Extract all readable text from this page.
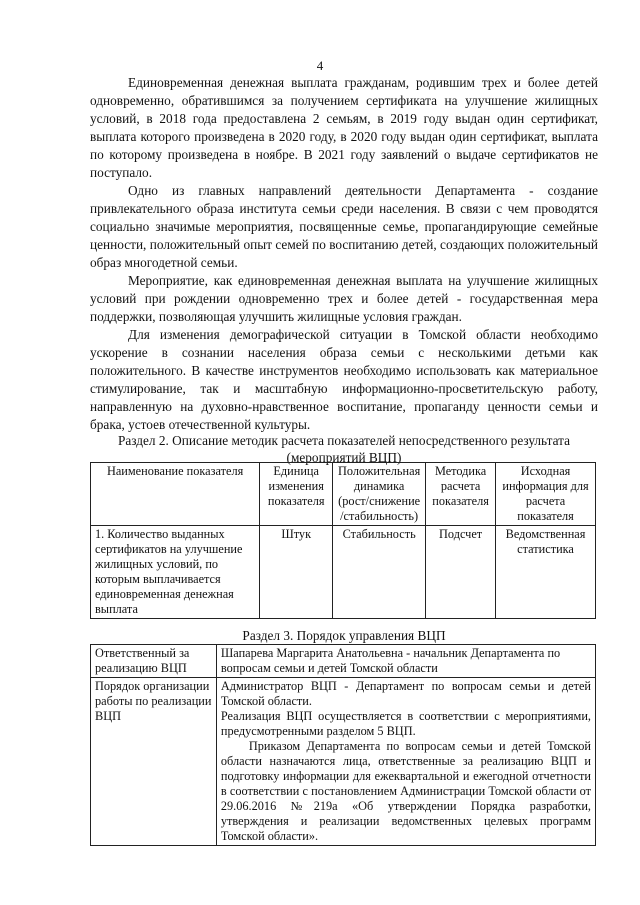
4

Единовременная денежная выплата гражданам, родившим трех и более детей одновременно, обратившимся за получением сертификата на улучшение жилищных условий, в 2018 года предоставлена 2 семьям, в 2019 году выдан один сертификат, выплата которого произведена в 2020 году, в 2020 году выдан один сертификат, выплата по которому произведена в ноябре. В 2021 году заявлений о выдаче сертификатов не поступало.

Одно из главных направлений деятельности Департамента - создание привлекательного образа института семьи среди населения. В связи с чем проводятся социально значимые мероприятия, посвященные семье, пропагандирующие семейные ценности, положительный опыт семей по воспитанию детей, создающих положительный образ многодетной семьи.

Мероприятие, как единовременная денежная выплата на улучшение жилищных условий при рождении одновременно трех и более детей - государственная мера поддержки, позволяющая улучшить жилищные условия граждан.

Для изменения демографической ситуации в Томской области необходимо ускорение в сознании населения образа семьи с несколькими детьми как положительного. В качестве инструментов необходимо использовать как материальное стимулирование, так и масштабную информационно-просветительскую работу, направленную на духовно-нравственное воспитание, пропаганду ценности семьи и брака, устоев отечественной культуры.

Раздел 2. Описание методик расчета показателей непосредственного результата (мероприятий ВЦП)
Наименование показателя	Единица изменения показателя	Положительная динамика (рост/снижение /стабильность)	Методика расчета показателя	Исходная информация для расчета показателя
1. Количество выданных сертификатов на улучшение жилищных условий, по которым выплачивается единовременная денежная выплата	Штук	Стабильность	Подсчет	Ведомственная статистика
Раздел 3. Порядок управления ВЦП
Ответственный за реализацию ВЦП	Шапарева Маргарита Анатольевна - начальник Департамента по вопросам семьи и детей Томской области
Порядок организации работы по реализации ВЦП	Администратор ВЦП - Департамент по вопросам семьи и детей Томской области.
Реализация ВЦП осуществляется в соответствии с мероприятиями, предусмотренными разделом 5 ВЦП.
Приказом Департамента по вопросам семьи и детей Томской области назначаются лица, ответственные за реализацию ВЦП и подготовку информации для ежеквартальной и ежегодной отчетности в соответствии с постановлением Администрации Томской области от 29.06.2016 №219а «Об утверждении Порядка разработки, утверждения и реализации ведомственных целевых программ Томской области».
